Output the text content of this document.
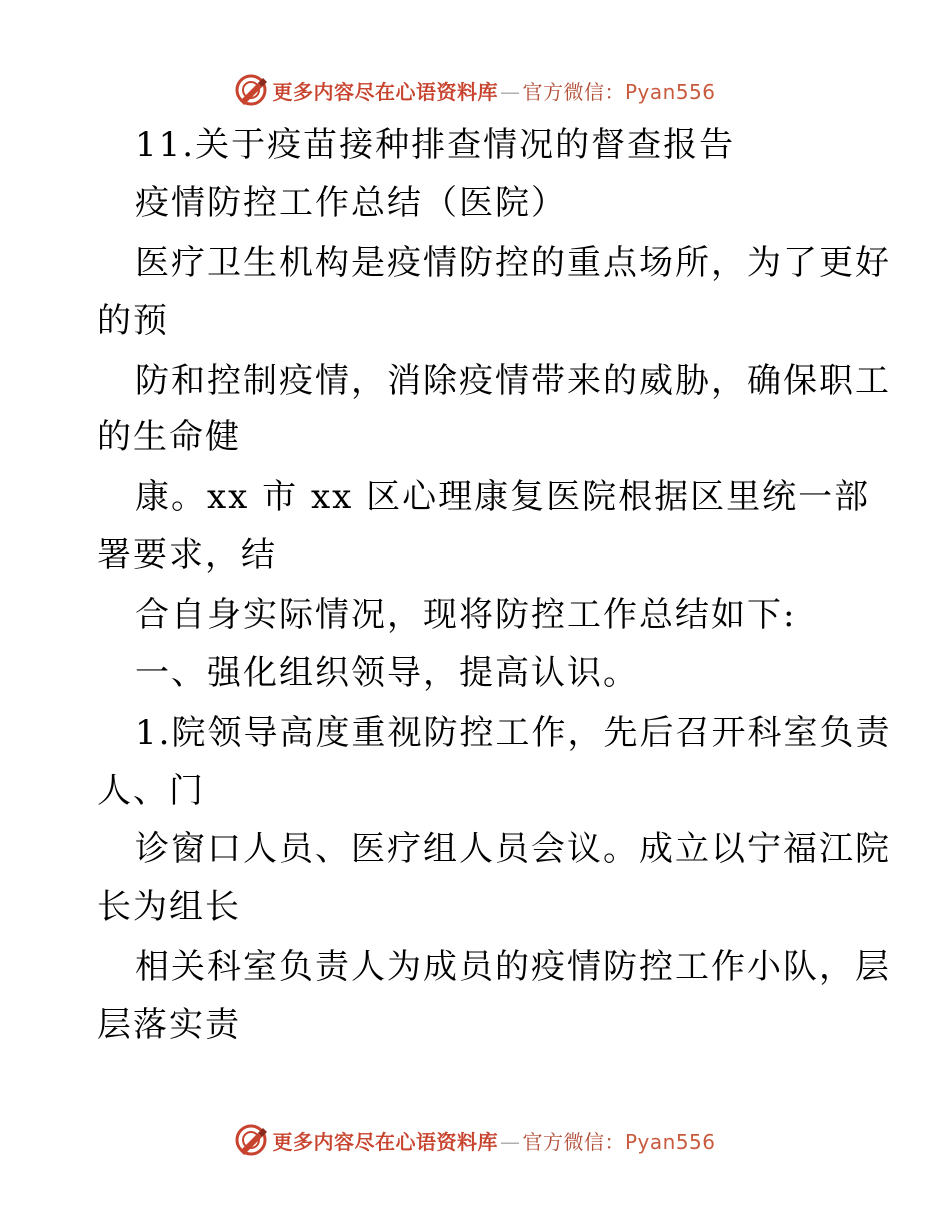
更多内容尽在心语资料库 — 官方微信：Pyan556
11.关于疫苗接种排查情况的督查报告
疫情防控工作总结（医院）
医疗卫生机构是疫情防控的重点场所，为了更好
的预
防和控制疫情，消除疫情带来的威胁，确保职工
的生命健
康。xx 市 xx 区心理康复医院根据区里统一部
署要求，结
合自身实际情况，现将防控工作总结如下:
一、强化组织领导，提高认识。
1.院领导高度重视防控工作，先后召开科室负责
人、门
诊窗口人员、医疗组人员会议。成立以宁福江院
长为组长
相关科室负责人为成员的疫情防控工作小队，层
层落实责
更多内容尽在心语资料库 — 官方微信：Pyan556
